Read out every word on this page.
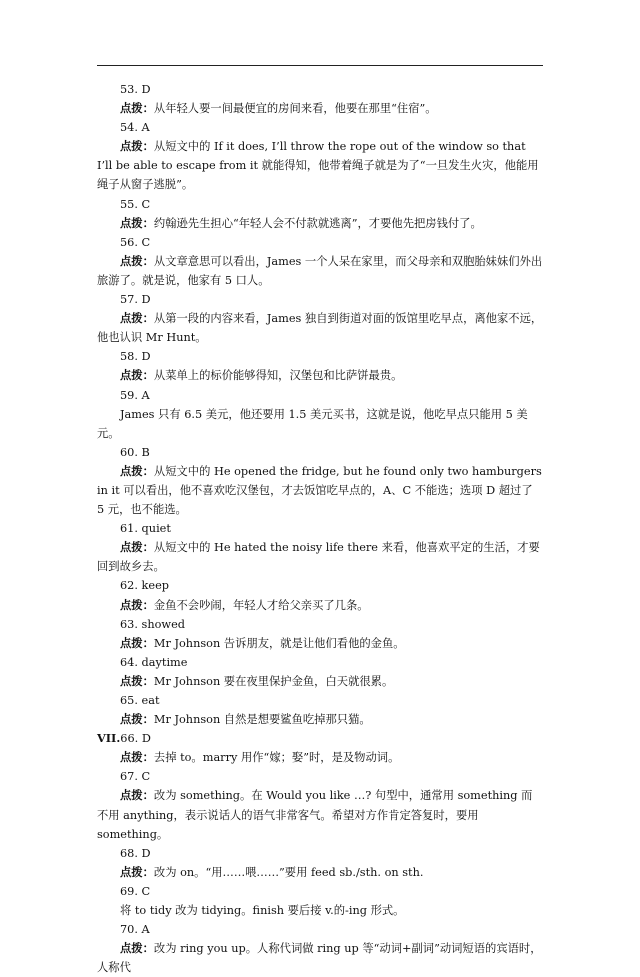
53. D
点拨：从年轻人要一间最便宜的房间来看，他要在那里“住宿”。
54. A
点拨：从短文中的 If it does, I’ll throw the rope out of the window so that I’ll be able to escape from it 就能得知，他带着绳子就是为了“一旦发生火灾，他能用绳子从窗子逃脱”。
55. C
点拨：约翰逊先生担心“年轻人会不付款就逃离”，才要他先把房钱付了。
56. C
点拨：从文章意思可以看出，James 一个人呆在家里，而父母亲和双胞胎妹妹们外出旅游了。就是说，他家有 5 口人。
57. D
点拨：从第一段的内容来看，James 独自到街道对面的饭馆里吃早点，离他家不远，他也认识 Mr Hunt。
58. D
点拨：从菜单上的标价能够得知，汉堡包和比萨饼最贵。
59. A
James 只有 6.5 美元，他还要用 1.5 美元买书，这就是说，他吃早点只能用 5 美元。
60. B
点拨：从短文中的 He opened the fridge, but he found only two hamburgers in it 可以看出，他不喜欢吃汉堡包，才去饭馆吃早点的，A、C 不能选；选项 D 超过了 5 元，也不能选。
61. quiet
点拨：从短文中的 He hated the noisy life there 来看，他喜欢平定的生活，才要回到故乡去。
62. keep
点拨：金鱼不会吵闹，年轻人才给父亲买了几条。
63. showed
点拨：Mr Johnson 告诉朋友，就是让他们看他的金鱼。
64. daytime
点拨：Mr Johnson 要在夜里保护金鱼，白天就很累。
65. eat
点拨：Mr Johnson 自然是想要鲨鱼吃掉那只猫。
VII.66. D
点拨：去掉 to。marry 用作“嫁；娶”时，是及物动词。
67. C
点拨：改为 something。在 Would you like …? 句型中，通常用 something 而不用 anything，表示说话人的语气非常客气。希望对方作肯定答复时，要用 something。
68. D
点拨：改为 on。“用……喂……”要用 feed sb./sth. on sth.
69. C
将 to tidy 改为 tidying。finish 要后接 v.的-ing 形式。
70. A
点拨：改为 ring you up。人称代词做 ring up 等“动词+副词”动词短语的宾语时，人称代
